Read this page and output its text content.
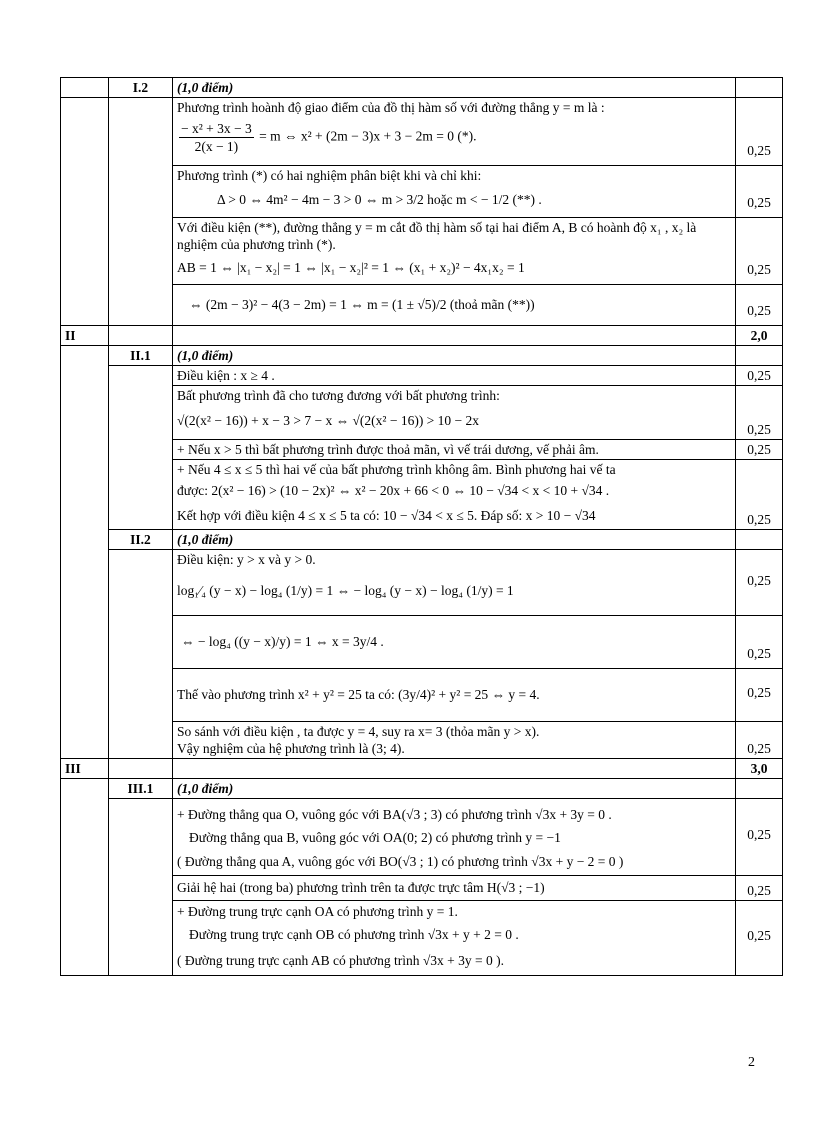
	I.2	(1,0 điểm)	

		Phương trình hoành độ giao điểm của đồ thị hàm số với đường thẳng y = m là :
$\frac{\text{− x² + 3x − 3}}{2(x - 1)} = m$ ⇔ x² + (2m − 3)x + 3 − 2m = 0 (*).	0,25

		Phương trình (*) có hai nghiệm phân biệt khi và chỉ khi:
Δ > 0 ⇔ 4m² − 4m − 3 > 0 ⇔ m > 3/2 hoặc m < − 1/2 (**) .	0,25

		Với điều kiện (**), đường thẳng y = m cắt đồ thị hàm số tại hai điểm A, B có hoành độ x₁ , x₂ là nghiệm của phương trình (*).
AB = 1 ⇔ |x₁ − x₂| = 1 ⇔ |x₁ − x₂|² = 1 ⇔ (x₁ + x₂)² − 4x₁x₂ = 1	0,25

		⇔ (2m − 3)² − 4(3 − 2m) = 1 ⇔ m = (1 ± √5)/2 (thoả mãn (**))	0,25
II			2,0
	II.1	(1,0 điểm)	
		Điều kiện : x ≥ 4 .	0,25

		Bất phương trình đã cho tương đương với bất phương trình:
√(2(x² − 16)) + x − 3 > 7 − x ⇔ √(2(x² − 16)) > 10 − 2x	0,25
		+ Nếu x > 5 thì bất phương trình được thoả mãn, vì vế trái dương, vế phải âm.	0,25

		+ Nếu 4 ≤ x ≤ 5 thì hai vế của bất phương trình không âm. Bình phương hai vế ta
được: 2(x² − 16) > (10 − 2x)² ⇔ x² − 20x + 66 < 0 ⇔ 10 − √34 < x < 10 + √34 .
Kết hợp với điều kiện 4 ≤ x ≤ 5 ta có: 10 − √34 < x ≤ 5. Đáp số: x > 10 − √34	0,25
	II.2	(1,0 điểm)	

		Điều kiện: y > x và y > 0.
log₁⁄₄ (y − x) − log₄ (1/y) = 1 ⇔ − log₄ (y − x) − log₄ (1/y) = 1	0,25

		⇔ − log₄ ((y − x)/y) = 1 ⇔ x = 3y/4 .	0,25

		Thế vào phương trình x² + y² = 25 ta có: (3y/4)² + y² = 25 ⇔ y = 4.	0,25

		So sánh với điều kiện , ta được y = 4, suy ra x= 3 (thỏa mãn y > x).
Vậy nghiệm của hệ phương trình là (3; 4).	0,25
III			3,0
	III.1	(1,0 điểm)	

		+ Đường thẳng qua O, vuông góc với BA(√3 ; 3) có phương trình √3x + 3y = 0 .
Đường thẳng qua B, vuông góc với OA(0; 2) có phương trình y = −1
( Đường thẳng qua A, vuông góc với BO(√3 ; 1) có phương trình √3x + y − 2 = 0 )	0,25
		Giải hệ hai (trong ba) phương trình trên ta được trực tâm H(√3 ; −1)	0,25

		+ Đường trung trực cạnh OA có phương trình y = 1.
Đường trung trực cạnh OB có phương trình √3x + y + 2 = 0 .
( Đường trung trực cạnh AB có phương trình √3x + 3y = 0 ).	0,25
2
